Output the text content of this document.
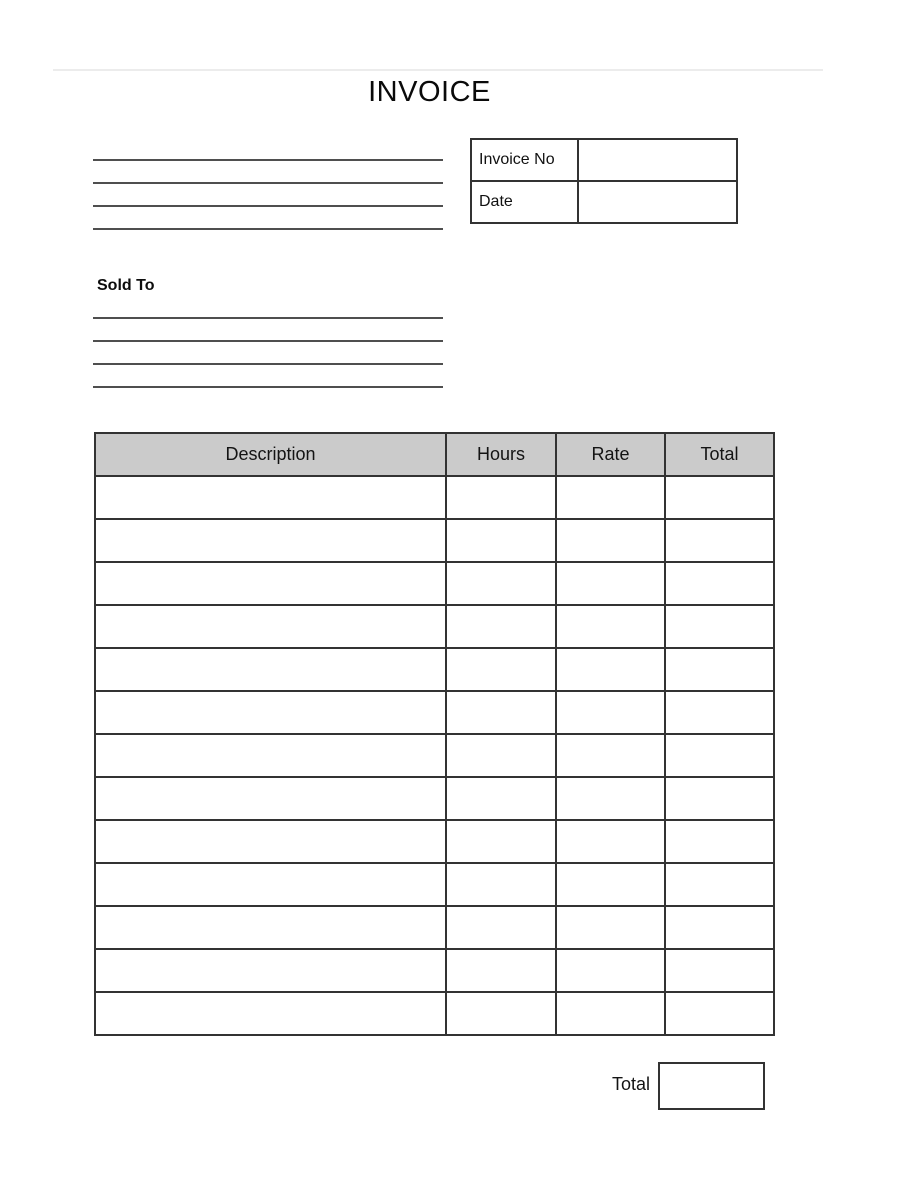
INVOICE
Invoice No	
Date	
Sold To
Description	Hours	Rate	Total

Total
